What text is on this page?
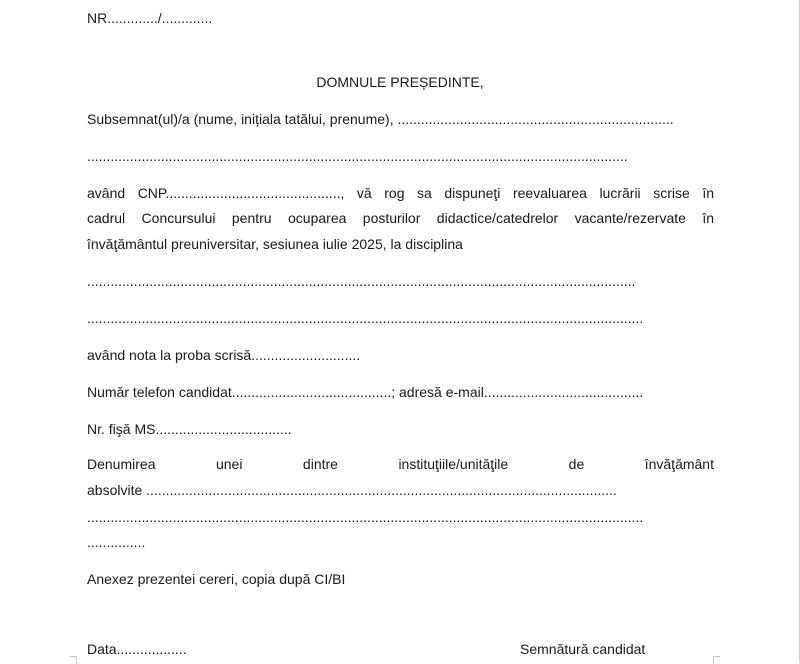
NR............./.............
DOMNULE PREȘEDINTE,
Subsemnat(ul)/a (nume, inițiala tatălui, prenume), .......................................................................
...........................................................................................................................................
având CNP............................................., vă rog sa dispuneţi reevaluarea lucrării scrise în
cadrul Concursului pentru ocuparea posturilor didactice/catedrelor vacante/rezervate în
învăţământul preuniversitar, sesiunea iulie 2025, la disciplina
.............................................................................................................................................
...............................................................................................................................................
având nota la proba scrisă............................
Număr telefon candidat.........................................; adresă e-mail.........................................
Nr. fişă MS...................................
Denumirea unei dintre instituţiile/unităţile de învăţământ
absolvite .........................................................................................................................
...............................................................................................................................................
...............
Anexez prezentei cereri, copia după CI/BI
Data..................	Semnătură candidat
